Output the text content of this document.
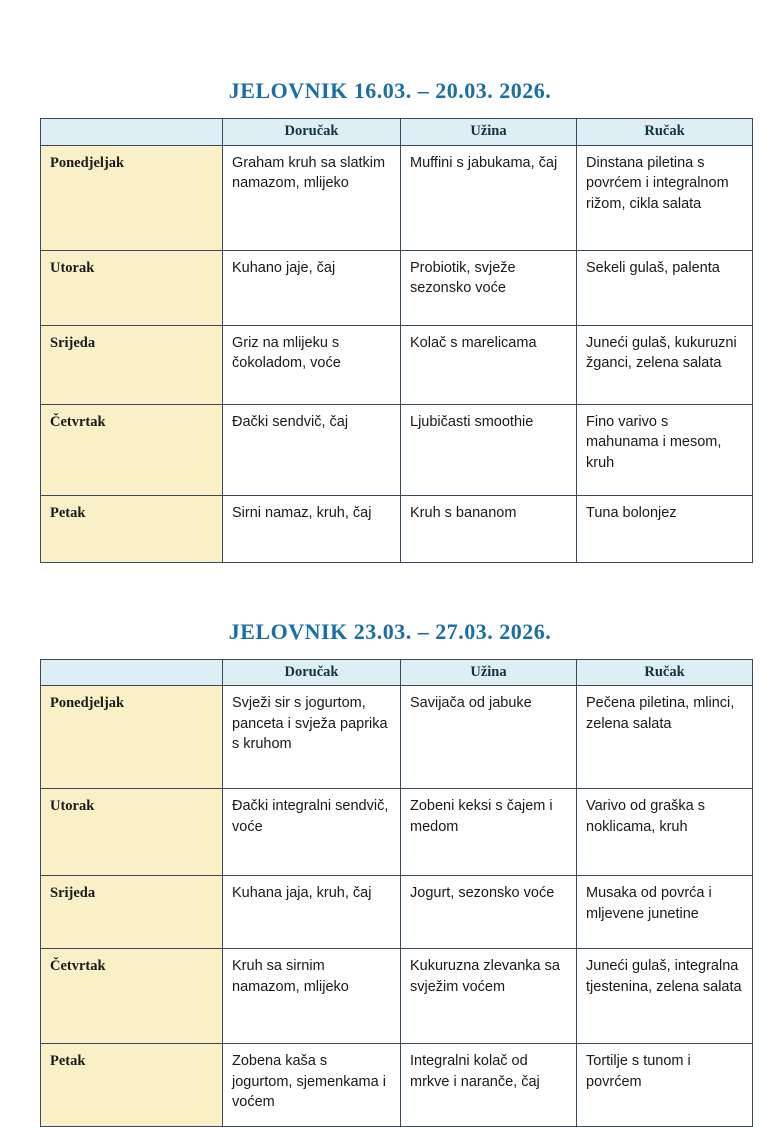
JELOVNIK 16.03. – 20.03. 2026.
	Doručak	Užina	Ručak
Ponedjeljak	Graham kruh sa slatkim namazom, mlijeko	Muffini s jabukama, čaj	Dinstana piletina s povrćem i integralnom rižom, cikla salata
Utorak	Kuhano jaje, čaj	Probiotik, svježe sezonsko voće	Sekeli gulaš, palenta
Srijeda	Griz na mlijeku s čokoladom, voće	Kolač s marelicama	Juneći gulaš, kukuruzni žganci, zelena salata
Četvrtak	Đački sendvič, čaj	Ljubičasti smoothie	Fino varivo s mahunama i mesom, kruh
Petak	Sirni namaz, kruh, čaj	Kruh s bananom	Tuna bolonjez
JELOVNIK 23.03. – 27.03. 2026.
	Doručak	Užina	Ručak
Ponedjeljak	Svježi sir s jogurtom, panceta i svježa paprika s kruhom	Savijača od jabuke	Pečena piletina, mlinci, zelena salata
Utorak	Đački integralni sendvič, voće	Zobeni keksi s čajem i medom	Varivo od graška s noklicama, kruh
Srijeda	Kuhana jaja, kruh, čaj	Jogurt, sezonsko voće	Musaka od povrća i mljevene junetine
Četvrtak	Kruh sa sirnim namazom, mlijeko	Kukuruzna zlevanka sa svježim voćem	Juneći gulaš, integralna tjestenina, zelena salata
Petak	Zobena kaša s jogurtom, sjemenkama i voćem	Integralni kolač od mrkve i naranče, čaj	Tortilje s tunom i povrćem
